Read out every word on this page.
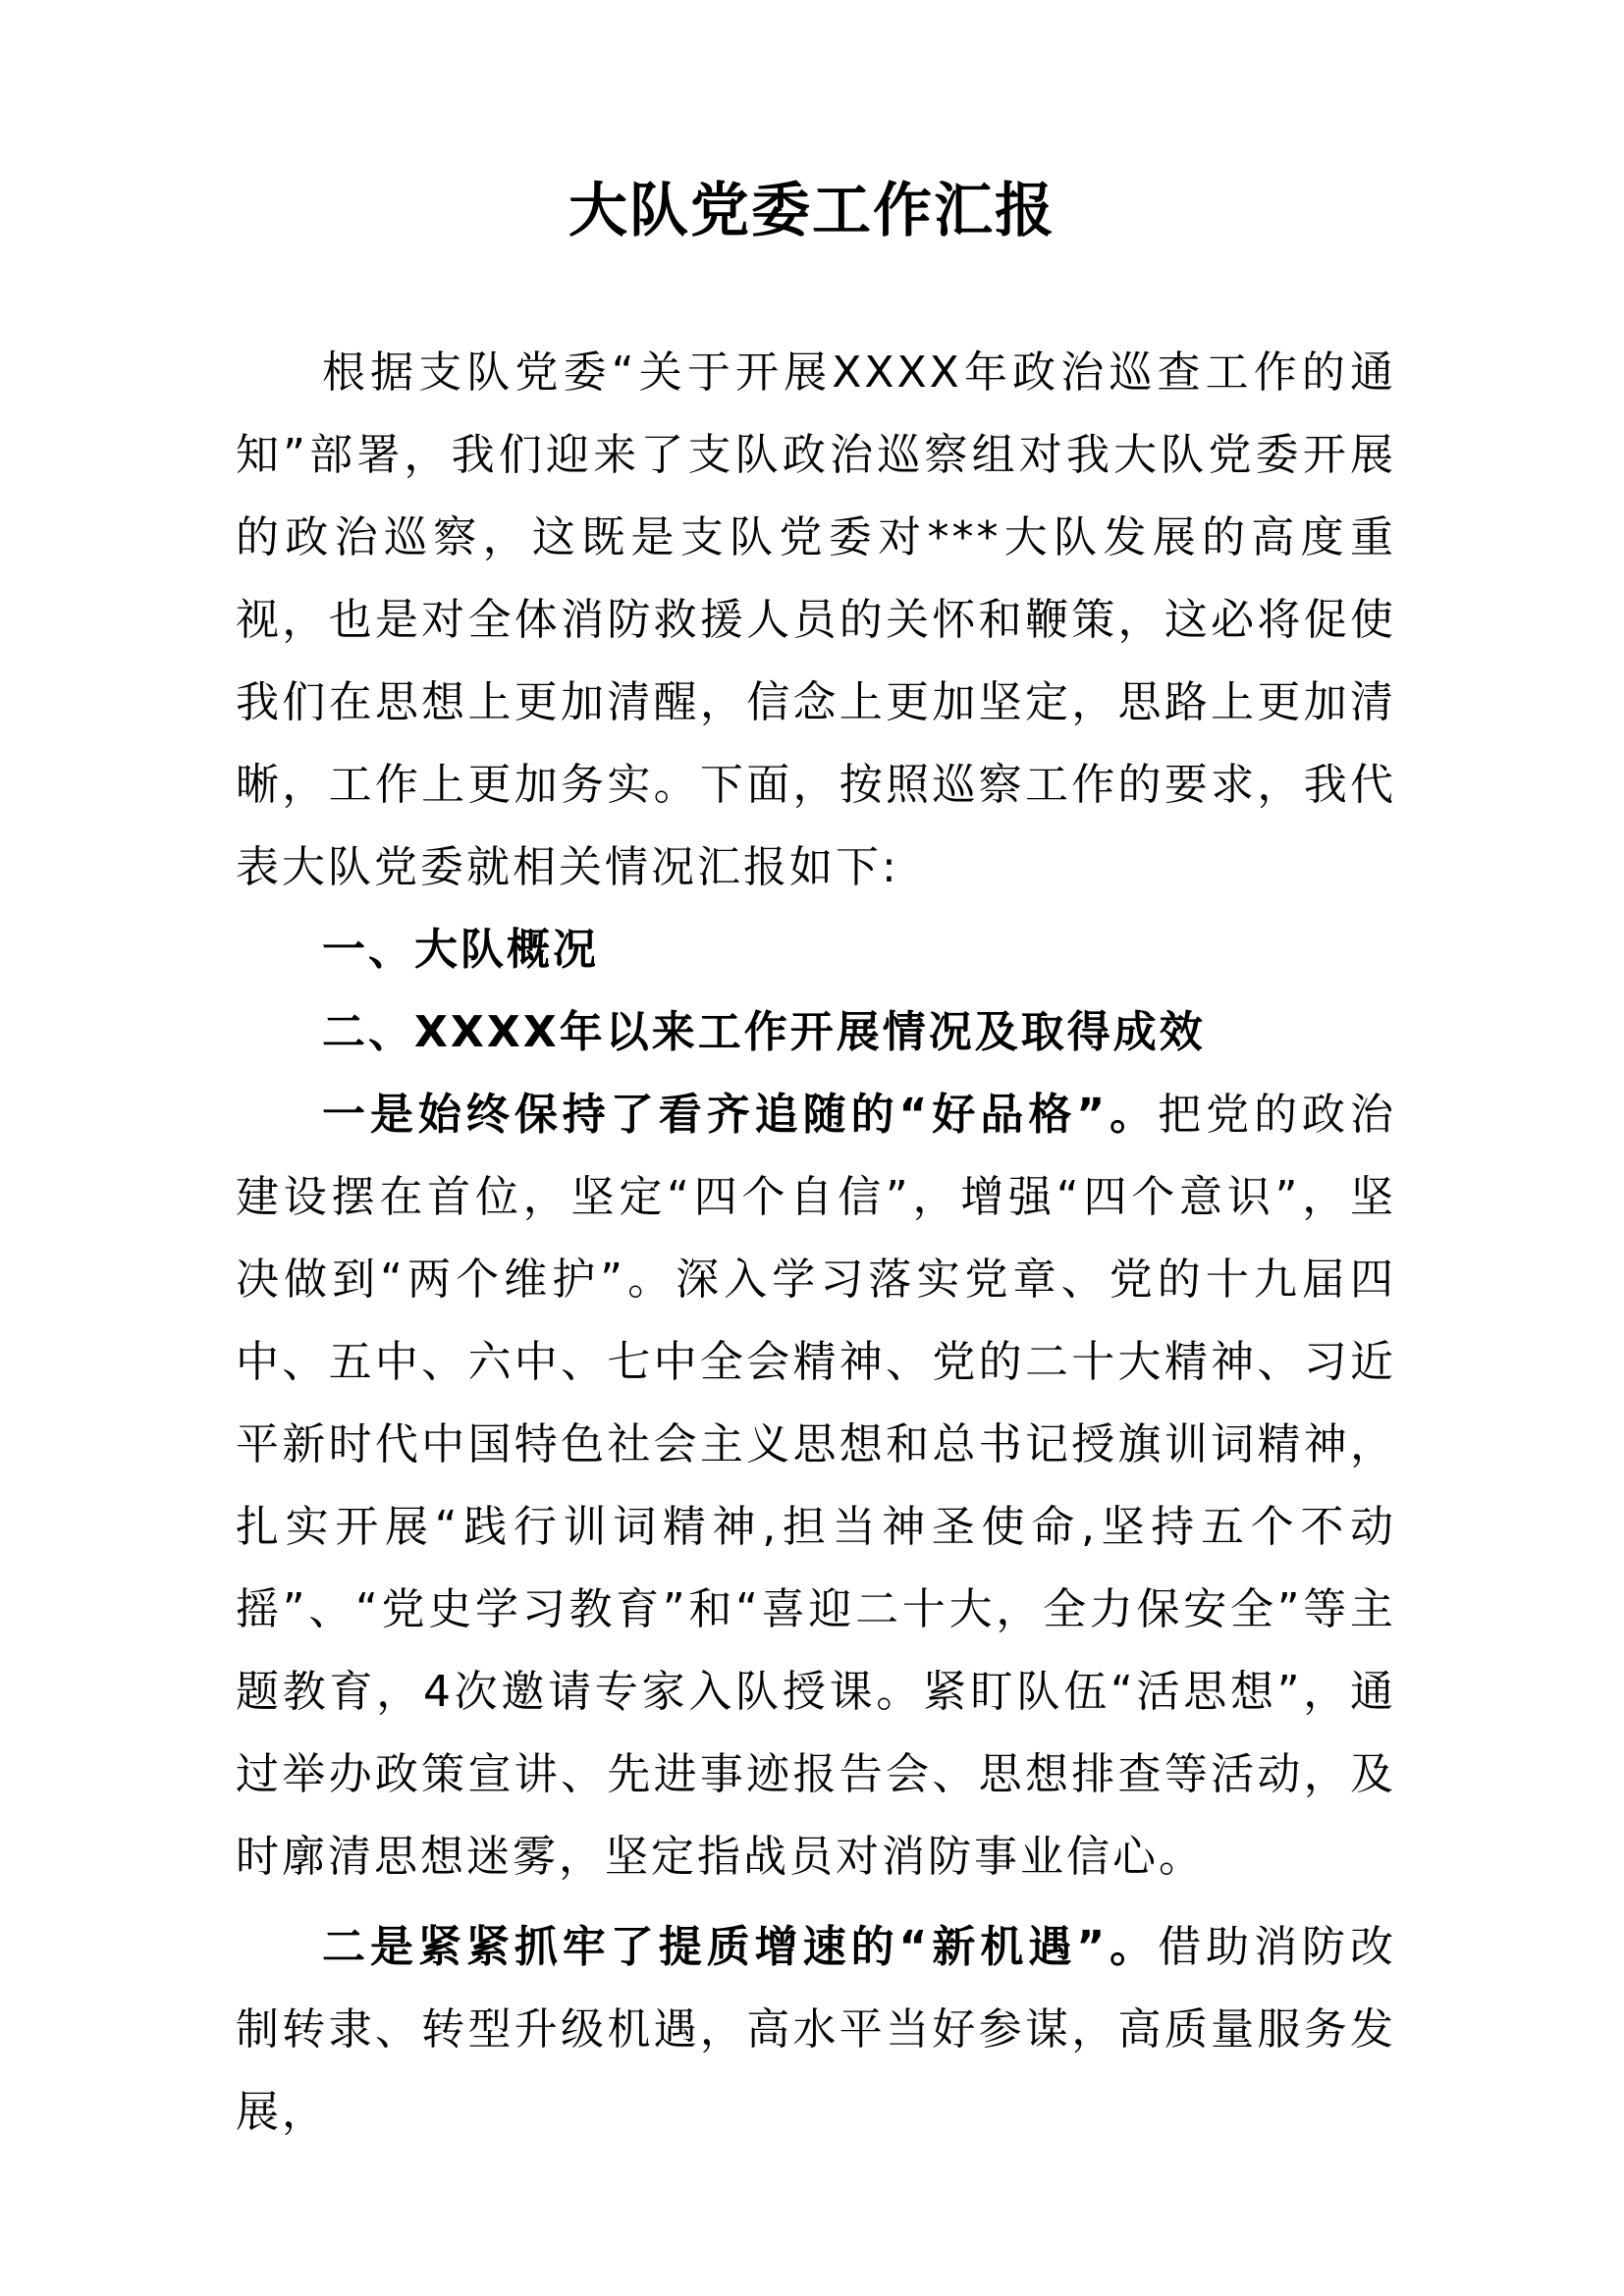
大队党委工作汇报

根据支队党委“关于开展XXXX年政治巡查工作的通知”部署，我们迎来了支队政治巡察组对我大队党委开展的政治巡察，这既是支队党委对***大队发展的高度重视，也是对全体消防救援人员的关怀和鞭策，这必将促使我们在思想上更加清醒，信念上更加坚定，思路上更加清晰，工作上更加务实。下面，按照巡察工作的要求，我代表大队党委就相关情况汇报如下:

一、大队概况

二、XXXX年以来工作开展情况及取得成效

一是始终保持了看齐追随的“好品格”。把党的政治建设摆在首位，坚定“四个自信”，增强“四个意识”，坚决做到“两个维护”。深入学习落实党章、党的十九届四中、五中、六中、七中全会精神、党的二十大精神、习近平新时代中国特色社会主义思想和总书记授旗训词精神，扎实开展“践行训词精神,担当神圣使命,坚持五个不动摇”、“党史学习教育”和“喜迎二十大，全力保安全”等主题教育，4次邀请专家入队授课。紧盯队伍“活思想”，通过举办政策宣讲、先进事迹报告会、思想排查等活动，及时廓清思想迷雾，坚定指战员对消防事业信心。

二是紧紧抓牢了提质增速的“新机遇”。借助消防改制转隶、转型升级机遇，高水平当好参谋，高质量服务发展，
